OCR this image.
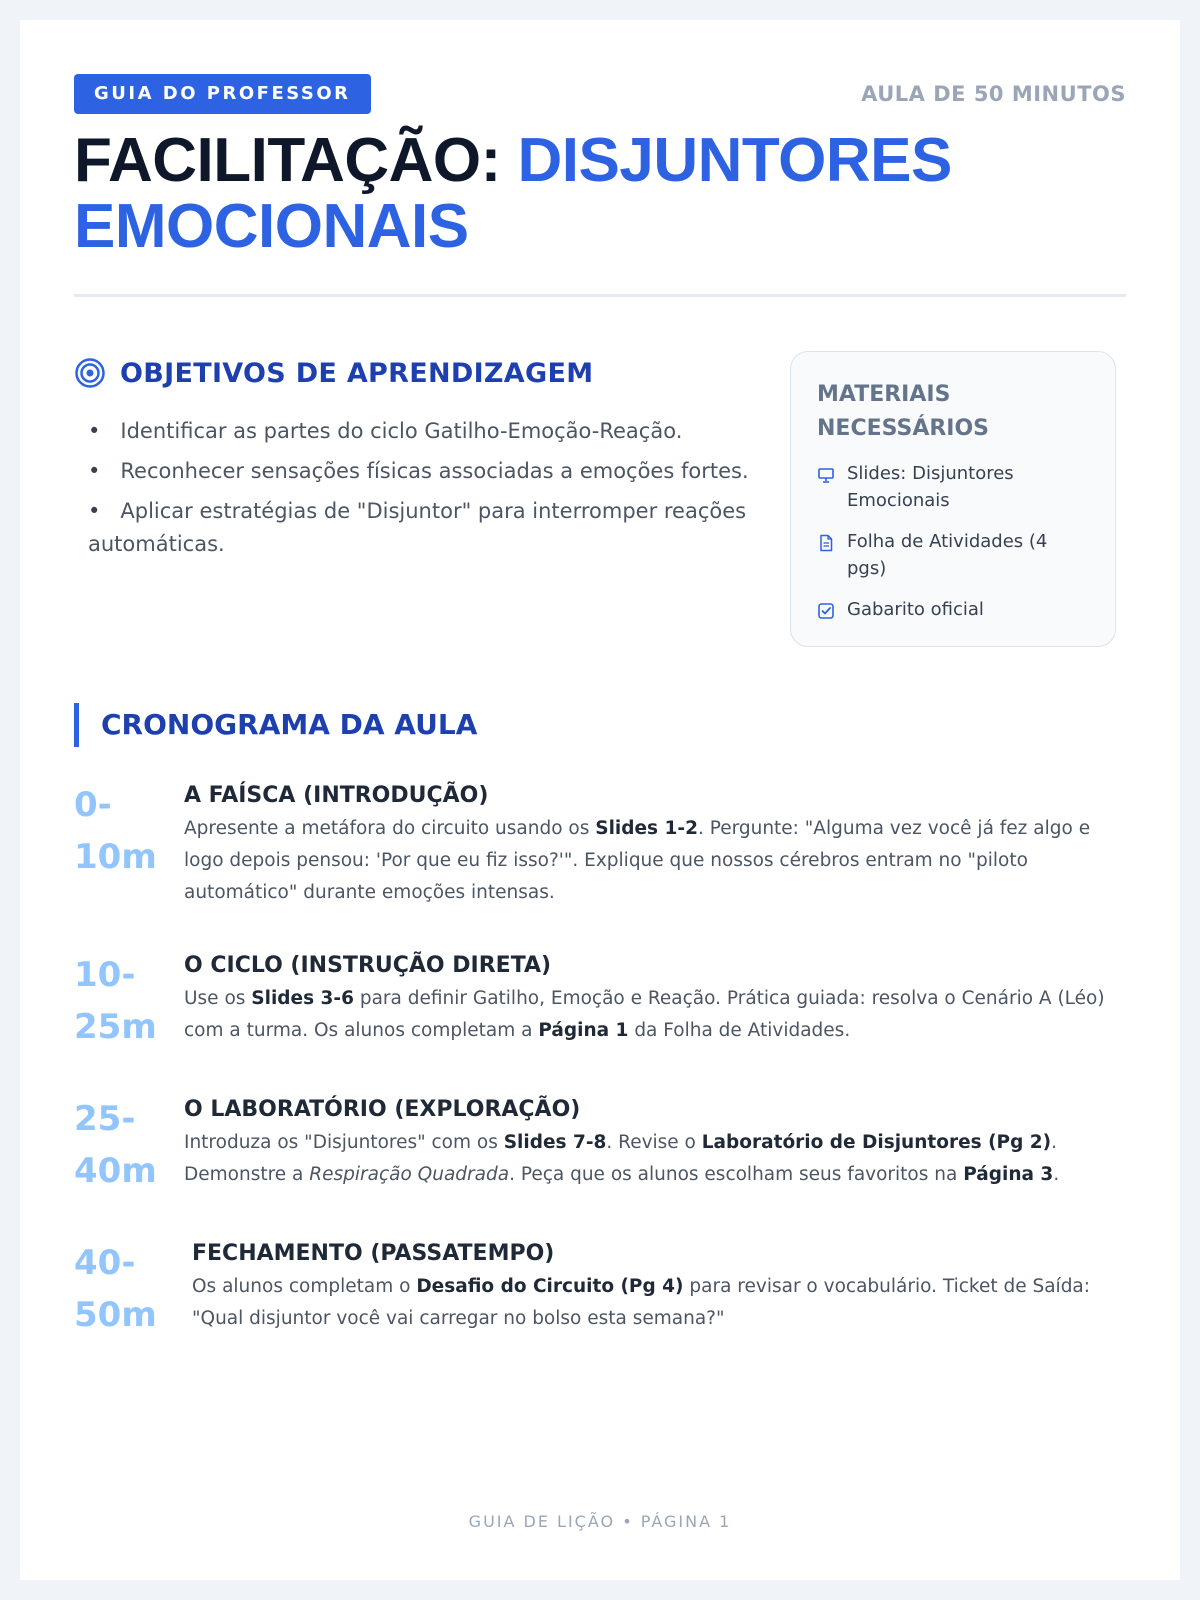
GUIA DO PROFESSOR	AULA DE 50 MINUTOS
FACILITAÇÃO: DISJUNTORES EMOCIONAIS
OBJETIVOS DE APRENDIZAGEM
• Identificar as partes do ciclo Gatilho-Emoção-Reação.
• Reconhecer sensações físicas associadas a emoções fortes.
• Aplicar estratégias de "Disjuntor" para interromper reações automáticas.
MATERIAIS NECESSÁRIOS
Slides: Disjuntores Emocionais
Folha de Atividades (4 pgs)
Gabarito oficial
CRONOGRAMA DA AULA
0-
10m
A FAÍSCA (INTRODUÇÃO)
Apresente a metáfora do circuito usando os Slides 1-2. Pergunte: "Alguma vez você já fez algo e logo depois pensou: 'Por que eu fiz isso?'". Explique que nossos cérebros entram no "piloto automático" durante emoções intensas.
10-
25m
O CICLO (INSTRUÇÃO DIRETA)
Use os Slides 3-6 para definir Gatilho, Emoção e Reação. Prática guiada: resolva o Cenário A (Léo) com a turma. Os alunos completam a Página 1 da Folha de Atividades.
25-
40m
O LABORATÓRIO (EXPLORAÇÃO)
Introduza os "Disjuntores" com os Slides 7-8. Revise o Laboratório de Disjuntores (Pg 2). Demonstre a Respiração Quadrada. Peça que os alunos escolham seus favoritos na Página 3.
40-
50m
FECHAMENTO (PASSATEMPO)
Os alunos completam o Desafio do Circuito (Pg 4) para revisar o vocabulário. Ticket de Saída: "Qual disjuntor você vai carregar no bolso esta semana?"
GUIA DE LIÇÃO • PÁGINA 1
